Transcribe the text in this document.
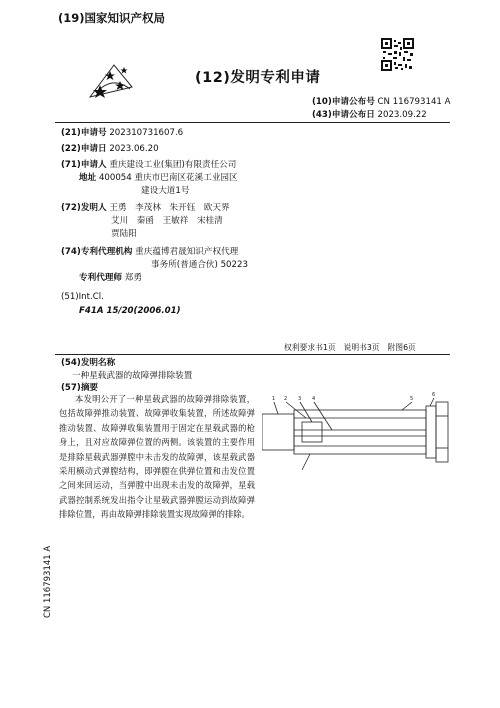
(19)国家知识产权局
(12)发明专利申请
(10)申请公布号 CN 116793141 A
(43)申请公布日 2023.09.22
(21)申请号 202310731607.6
(22)申请日 2023.06.20
(71)申请人 重庆建设工业(集团)有限责任公司
地址 400054 重庆市巴南区花溪工业园区
建设大道1号
(72)发明人 王勇　李茂林　朱开钰　欧天界
艾川　秦函　王敏祥　宋桂清
贾陆阳
(74)专利代理机构 重庆蕴博君晟知识产权代理
事务所(普通合伙) 50223
专利代理师 郑勇
(51)Int.Cl.
F41A 15/20(2006.01)
权利要求书1页　说明书3页　附图6页
(54)发明名称
一种星载武器的故障弹排除装置
(57)摘要
本发明公开了一种星载武器的故障弹排除装置，包括故障弹推动装置、故障弹收集装置，所述故障弹推动装置、故障弹收集装置用于固定在星载武器的枪身上，且对应故障弹位置的两侧。该装置的主要作用是排除星载武器弹膛中未击发的故障弹，该星载武器采用横动式弹膛结构，即弹膛在供弹位置和击发位置之间来回运动，当弹膛中出现未击发的故障弹，星载武器控制系统发出指令让星载武器弹膛运动到故障弹排除位置，再由故障弹排除装置实现故障弹的排除。
1 2 3 4	5
6
CN 116793141 A
